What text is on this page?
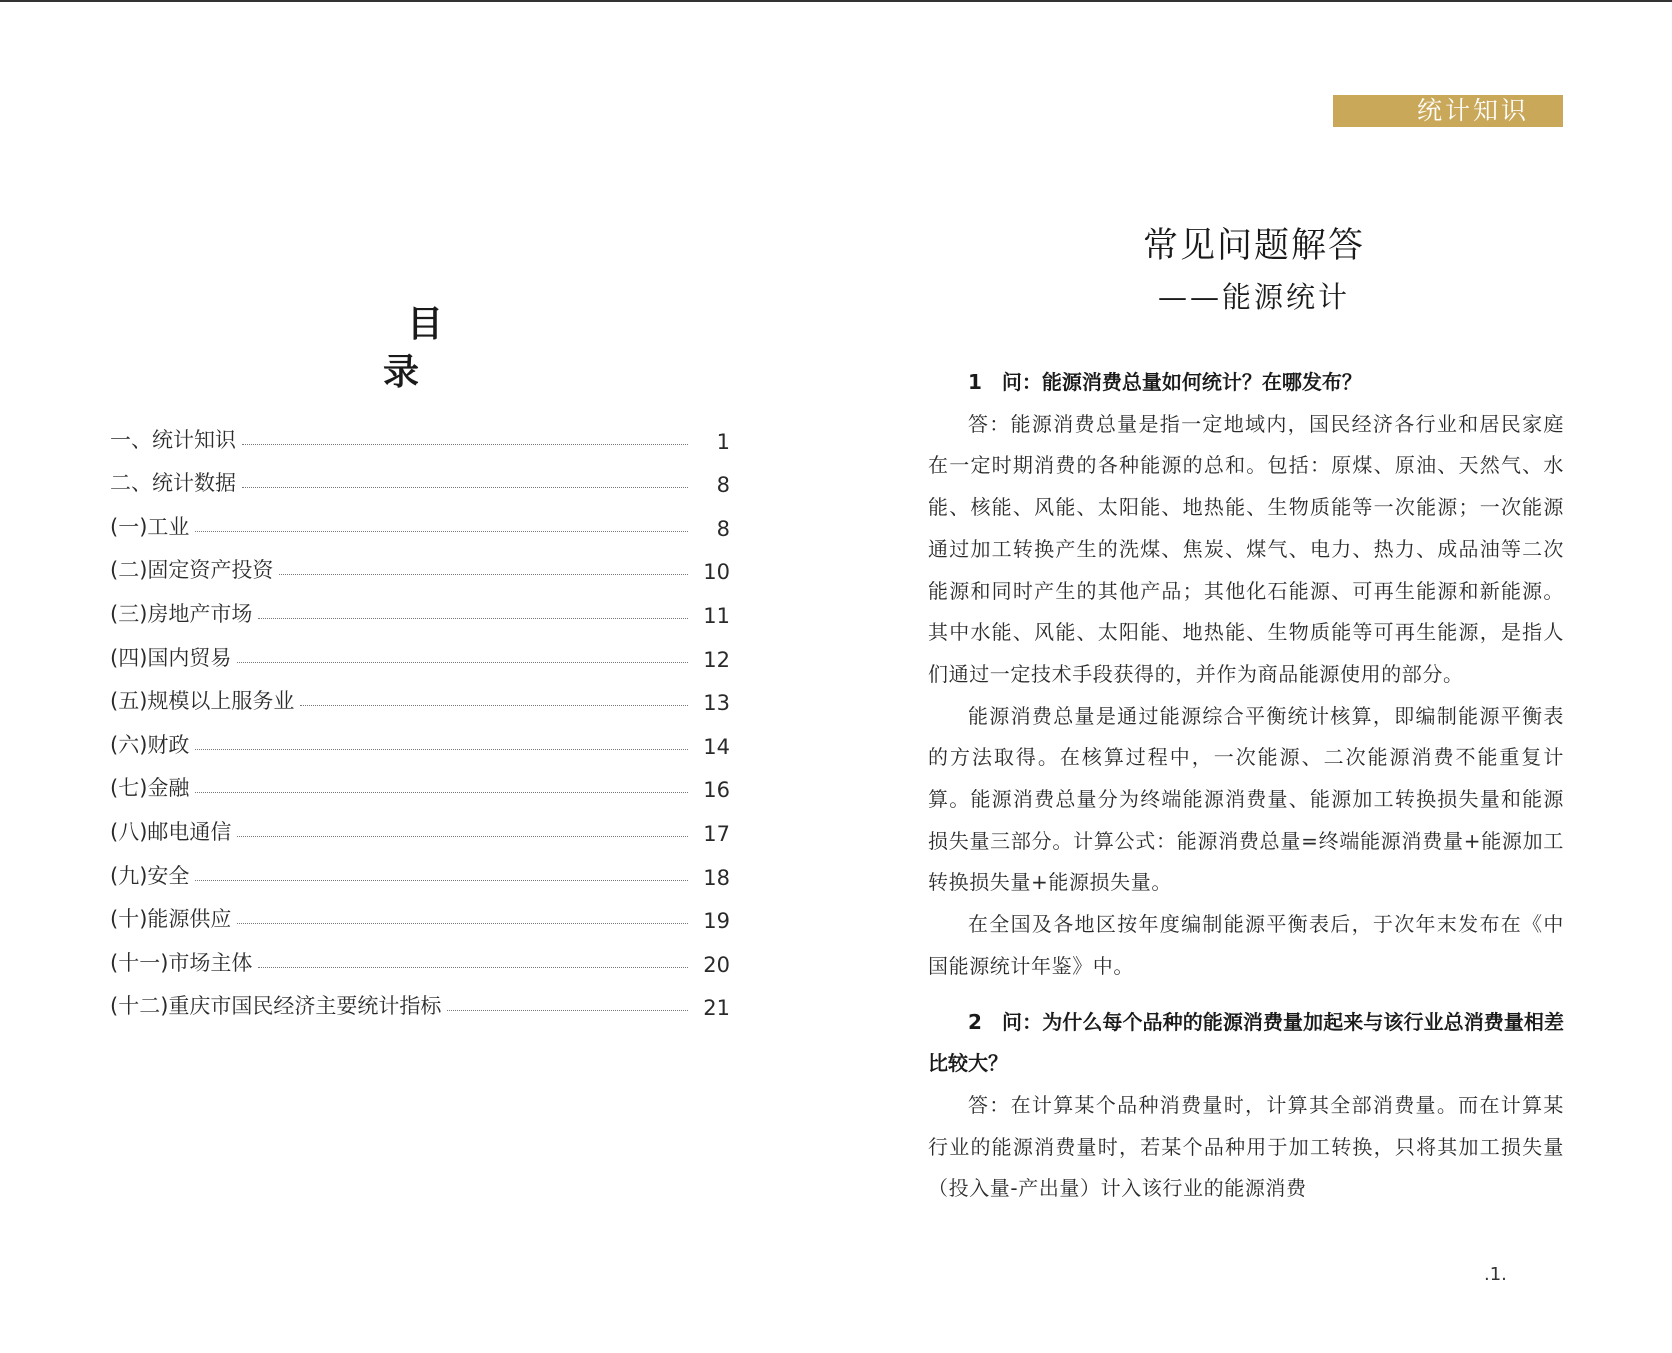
目　录
一、统计知识	1
二、统计数据	8
(一)工业	8
(二)固定资产投资	10
(三)房地产市场	11
(四)国内贸易	12
(五)规模以上服务业	13
(六)财政	14
(七)金融	16
(八)邮电通信	17
(九)安全	18
(十)能源供应	19
(十一)市场主体	20
(十二)重庆市国民经济主要统计指标	21
统计知识
常见问题解答
——能源统计

1　问：能源消费总量如何统计？在哪发布？

答：能源消费总量是指一定地域内，国民经济各行业和居民家庭在一定时期消费的各种能源的总和。包括：原煤、原油、天然气、水能、核能、风能、太阳能、地热能、生物质能等一次能源；一次能源通过加工转换产生的洗煤、焦炭、煤气、电力、热力、成品油等二次能源和同时产生的其他产品；其他化石能源、可再生能源和新能源。其中水能、风能、太阳能、地热能、生物质能等可再生能源，是指人们通过一定技术手段获得的，并作为商品能源使用的部分。

能源消费总量是通过能源综合平衡统计核算，即编制能源平衡表的方法取得。在核算过程中，一次能源、二次能源消费不能重复计算。能源消费总量分为终端能源消费量、能源加工转换损失量和能源损失量三部分。计算公式：能源消费总量=终端能源消费量+能源加工转换损失量+能源损失量。

在全国及各地区按年度编制能源平衡表后，于次年末发布在《中国能源统计年鉴》中。

2　问：为什么每个品种的能源消费量加起来与该行业总消费量相差比较大？

答：在计算某个品种消费量时，计算其全部消费量。而在计算某行业的能源消费量时，若某个品种用于加工转换，只将其加工损失量（投入量-产出量）计入该行业的能源消费

.1.
